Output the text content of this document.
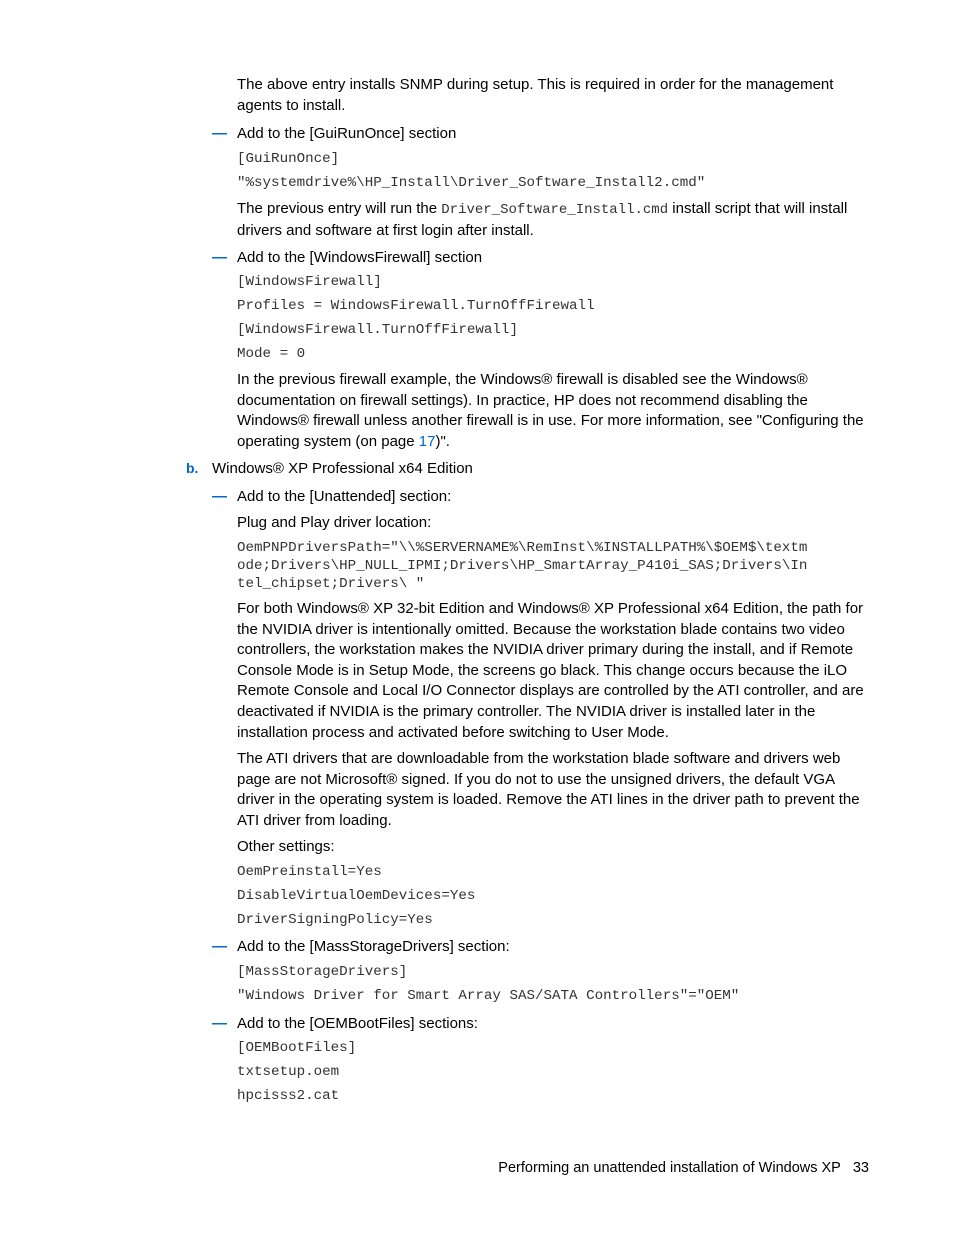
The above entry installs SNMP during setup. This is required in order for the management agents to install.

— Add to the [GuiRunOnce] section
[GuiRunOnce]
"%systemdrive%\HP_Install\Driver_Software_Install2.cmd"

The previous entry will run the Driver_Software_Install.cmd install script that will install drivers and software at first login after install.

— Add to the [WindowsFirewall] section
[WindowsFirewall]
Profiles = WindowsFirewall.TurnOffFirewall
[WindowsFirewall.TurnOffFirewall]
Mode = 0

In the previous firewall example, the Windows® firewall is disabled see the Windows® documentation on firewall settings). In practice, HP does not recommend disabling the Windows® firewall unless another firewall is in use. For more information, see "Configuring the operating system (on page 17)".

b. Windows® XP Professional x64 Edition
— Add to the [Unattended] section:

Plug and Play driver location:

OemPNPDriversPath="\\%SERVERNAME%\RemInst\%INSTALLPATH%\$OEM$\textm
ode;Drivers\HP_NULL_IPMI;Drivers\HP_SmartArray_P410i_SAS;Drivers\In
tel_chipset;Drivers\ "

For both Windows® XP 32-bit Edition and Windows® XP Professional x64 Edition, the path for the NVIDIA driver is intentionally omitted. Because the workstation blade contains two video controllers, the workstation makes the NVIDIA driver primary during the install, and if Remote Console Mode is in Setup Mode, the screens go black. This change occurs because the iLO Remote Console and Local I/O Connector displays are controlled by the ATI controller, and are deactivated if NVIDIA is the primary controller. The NVIDIA driver is installed later in the installation process and activated before switching to User Mode.

The ATI drivers that are downloadable from the workstation blade software and drivers web page are not Microsoft® signed. If you do not to use the unsigned drivers, the default VGA driver in the operating system is loaded. Remove the ATI lines in the driver path to prevent the ATI driver from loading.

Other settings:

OemPreinstall=Yes
DisableVirtualOemDevices=Yes
DriverSigningPolicy=Yes
— Add to the [MassStorageDrivers] section:
[MassStorageDrivers]
"Windows Driver for Smart Array SAS/SATA Controllers"="OEM"
— Add to the [OEMBootFiles] sections:
[OEMBootFiles]
txtsetup.oem
hpcisss2.cat
Performing an unattended installation of Windows XP 33
